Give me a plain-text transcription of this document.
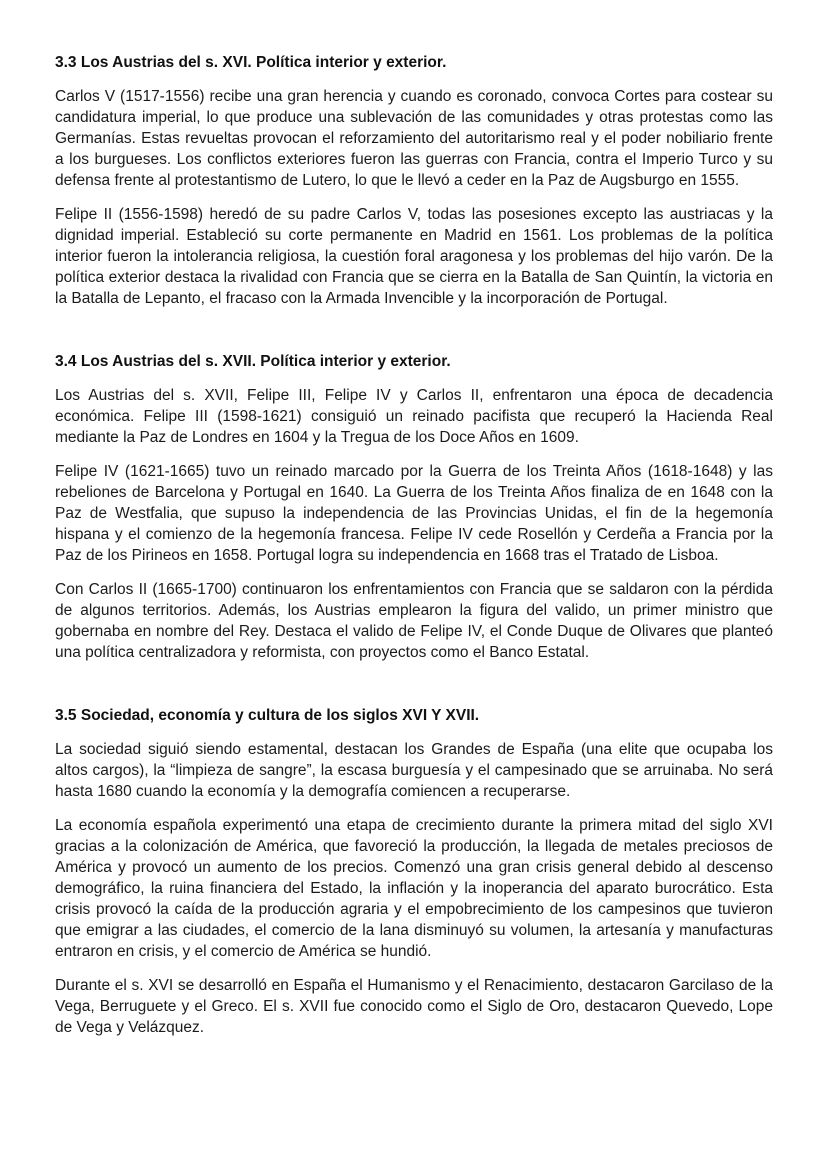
3.3 Los Austrias del s. XVI. Política interior y exterior.

Carlos V (1517-1556) recibe una gran herencia y cuando es coronado, convoca Cortes para costear su candidatura imperial, lo que produce una sublevación de las comunidades y otras protestas como las Germanías. Estas revueltas provocan el reforzamiento del autoritarismo real y el poder nobiliario frente a los burgueses. Los conflictos exteriores fueron las guerras con Francia, contra el Imperio Turco y su defensa frente al protestantismo de Lutero, lo que le llevó a ceder en la Paz de Augsburgo en 1555.

Felipe II (1556-1598) heredó de su padre Carlos V, todas las posesiones excepto las austriacas y la dignidad imperial. Estableció su corte permanente en Madrid en 1561. Los problemas de la política interior fueron la intolerancia religiosa, la cuestión foral aragonesa y los problemas del hijo varón. De la política exterior destaca la rivalidad con Francia que se cierra en la Batalla de San Quintín, la victoria en la Batalla de Lepanto, el fracaso con la Armada Invencible y la incorporación de Portugal.

3.4 Los Austrias del s. XVII. Política interior y exterior.

Los Austrias del s. XVII, Felipe III, Felipe IV y Carlos II, enfrentaron una época de decadencia económica. Felipe III (1598-1621) consiguió un reinado pacifista que recuperó la Hacienda Real mediante la Paz de Londres en 1604 y la Tregua de los Doce Años en 1609.

Felipe IV (1621-1665) tuvo un reinado marcado por la Guerra de los Treinta Años (1618-1648) y las rebeliones de Barcelona y Portugal en 1640. La Guerra de los Treinta Años finaliza de en 1648 con la Paz de Westfalia, que supuso la independencia de las Provincias Unidas, el fin de la hegemonía hispana y el comienzo de la hegemonía francesa. Felipe IV cede Rosellón y Cerdeña a Francia por la Paz de los Pirineos en 1658. Portugal logra su independencia en 1668 tras el Tratado de Lisboa.

Con Carlos II (1665-1700) continuaron los enfrentamientos con Francia que se saldaron con la pérdida de algunos territorios. Además, los Austrias emplearon la figura del valido, un primer ministro que gobernaba en nombre del Rey. Destaca el valido de Felipe IV, el Conde Duque de Olivares que planteó una política centralizadora y reformista, con proyectos como el Banco Estatal.

3.5 Sociedad, economía y cultura de los siglos XVI Y XVII.

La sociedad siguió siendo estamental, destacan los Grandes de España (una elite que ocupaba los altos cargos), la “limpieza de sangre”, la escasa burguesía y el campesinado que se arruinaba. No será hasta 1680 cuando la economía y la demografía comiencen a recuperarse.

La economía española experimentó una etapa de crecimiento durante la primera mitad del siglo XVI gracias a la colonización de América, que favoreció la producción, la llegada de metales preciosos de América y provocó un aumento de los precios. Comenzó una gran crisis general debido al descenso demográfico, la ruina financiera del Estado, la inflación y la inoperancia del aparato burocrático. Esta crisis provocó la caída de la producción agraria y el empobrecimiento de los campesinos que tuvieron que emigrar a las ciudades, el comercio de la lana disminuyó su volumen, la artesanía y manufacturas entraron en crisis, y el comercio de América se hundió.

Durante el s. XVI se desarrolló en España el Humanismo y el Renacimiento, destacaron Garcilaso de la Vega, Berruguete y el Greco. El s. XVII fue conocido como el Siglo de Oro, destacaron Quevedo, Lope de Vega y Velázquez.
